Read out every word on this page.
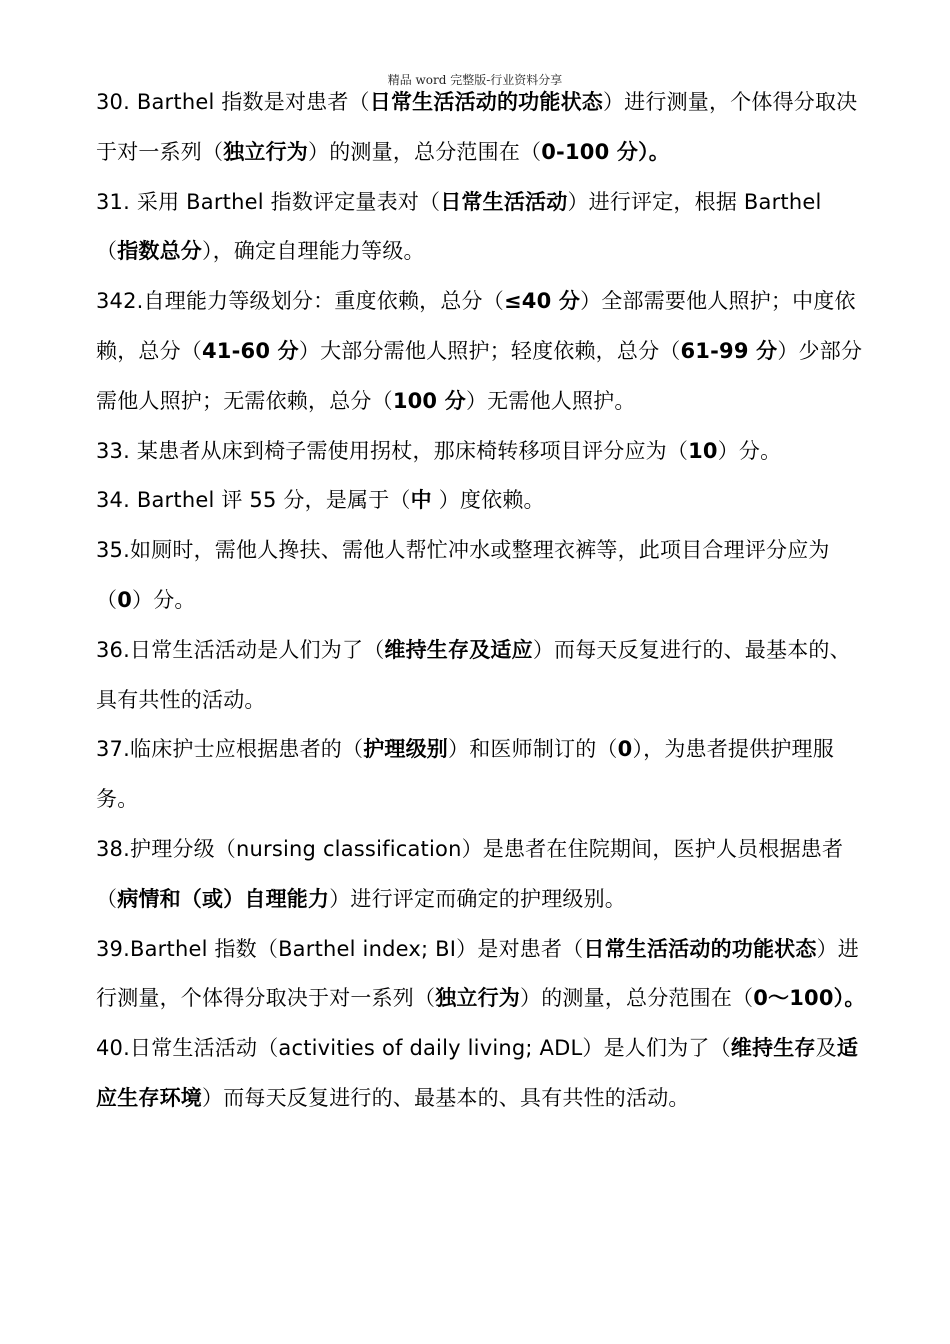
精品 word 完整版-行业资料分享

30. Barthel 指数是对患者（日常生活活动的功能状态）进行测量，个体得分取决于对一系列（独立行为）的测量，总分范围在（0-100 分）。

31. 采用 Barthel 指数评定量表对（日常生活活动）进行评定，根据 Barthel （指数总分），确定自理能力等级。

342.自理能力等级划分：重度依赖，总分（≤40 分）全部需要他人照护；中度依赖，总分（41-60 分）大部分需他人照护；轻度依赖，总分（61-99 分）少部分需他人照护；无需依赖，总分（100 分）无需他人照护。

33. 某患者从床到椅子需使用拐杖，那床椅转移项目评分应为（10）分。

34. Barthel 评 55 分，是属于（中 ）度依赖。

35.如厕时，需他人搀扶、需他人帮忙冲水或整理衣裤等，此项目合理评分应为（0）分。

36.日常生活活动是人们为了（维持生存及适应）而每天反复进行的、最基本的、具有共性的活动。

37.临床护士应根据患者的（护理级别）和医师制订的（0），为患者提供护理服务。

38.护理分级（nursing classification）是患者在住院期间，医护人员根据患者（病情和（或）自理能力）进行评定而确定的护理级别。

39.Barthel 指数（Barthel index; BI）是对患者（日常生活活动的功能状态）进行测量，个体得分取决于对一系列（独立行为）的测量，总分范围在（0～100）。

40.日常生活活动（activities of daily living; ADL）是人们为了（维持生存及适应生存环境）而每天反复进行的、最基本的、具有共性的活动。
